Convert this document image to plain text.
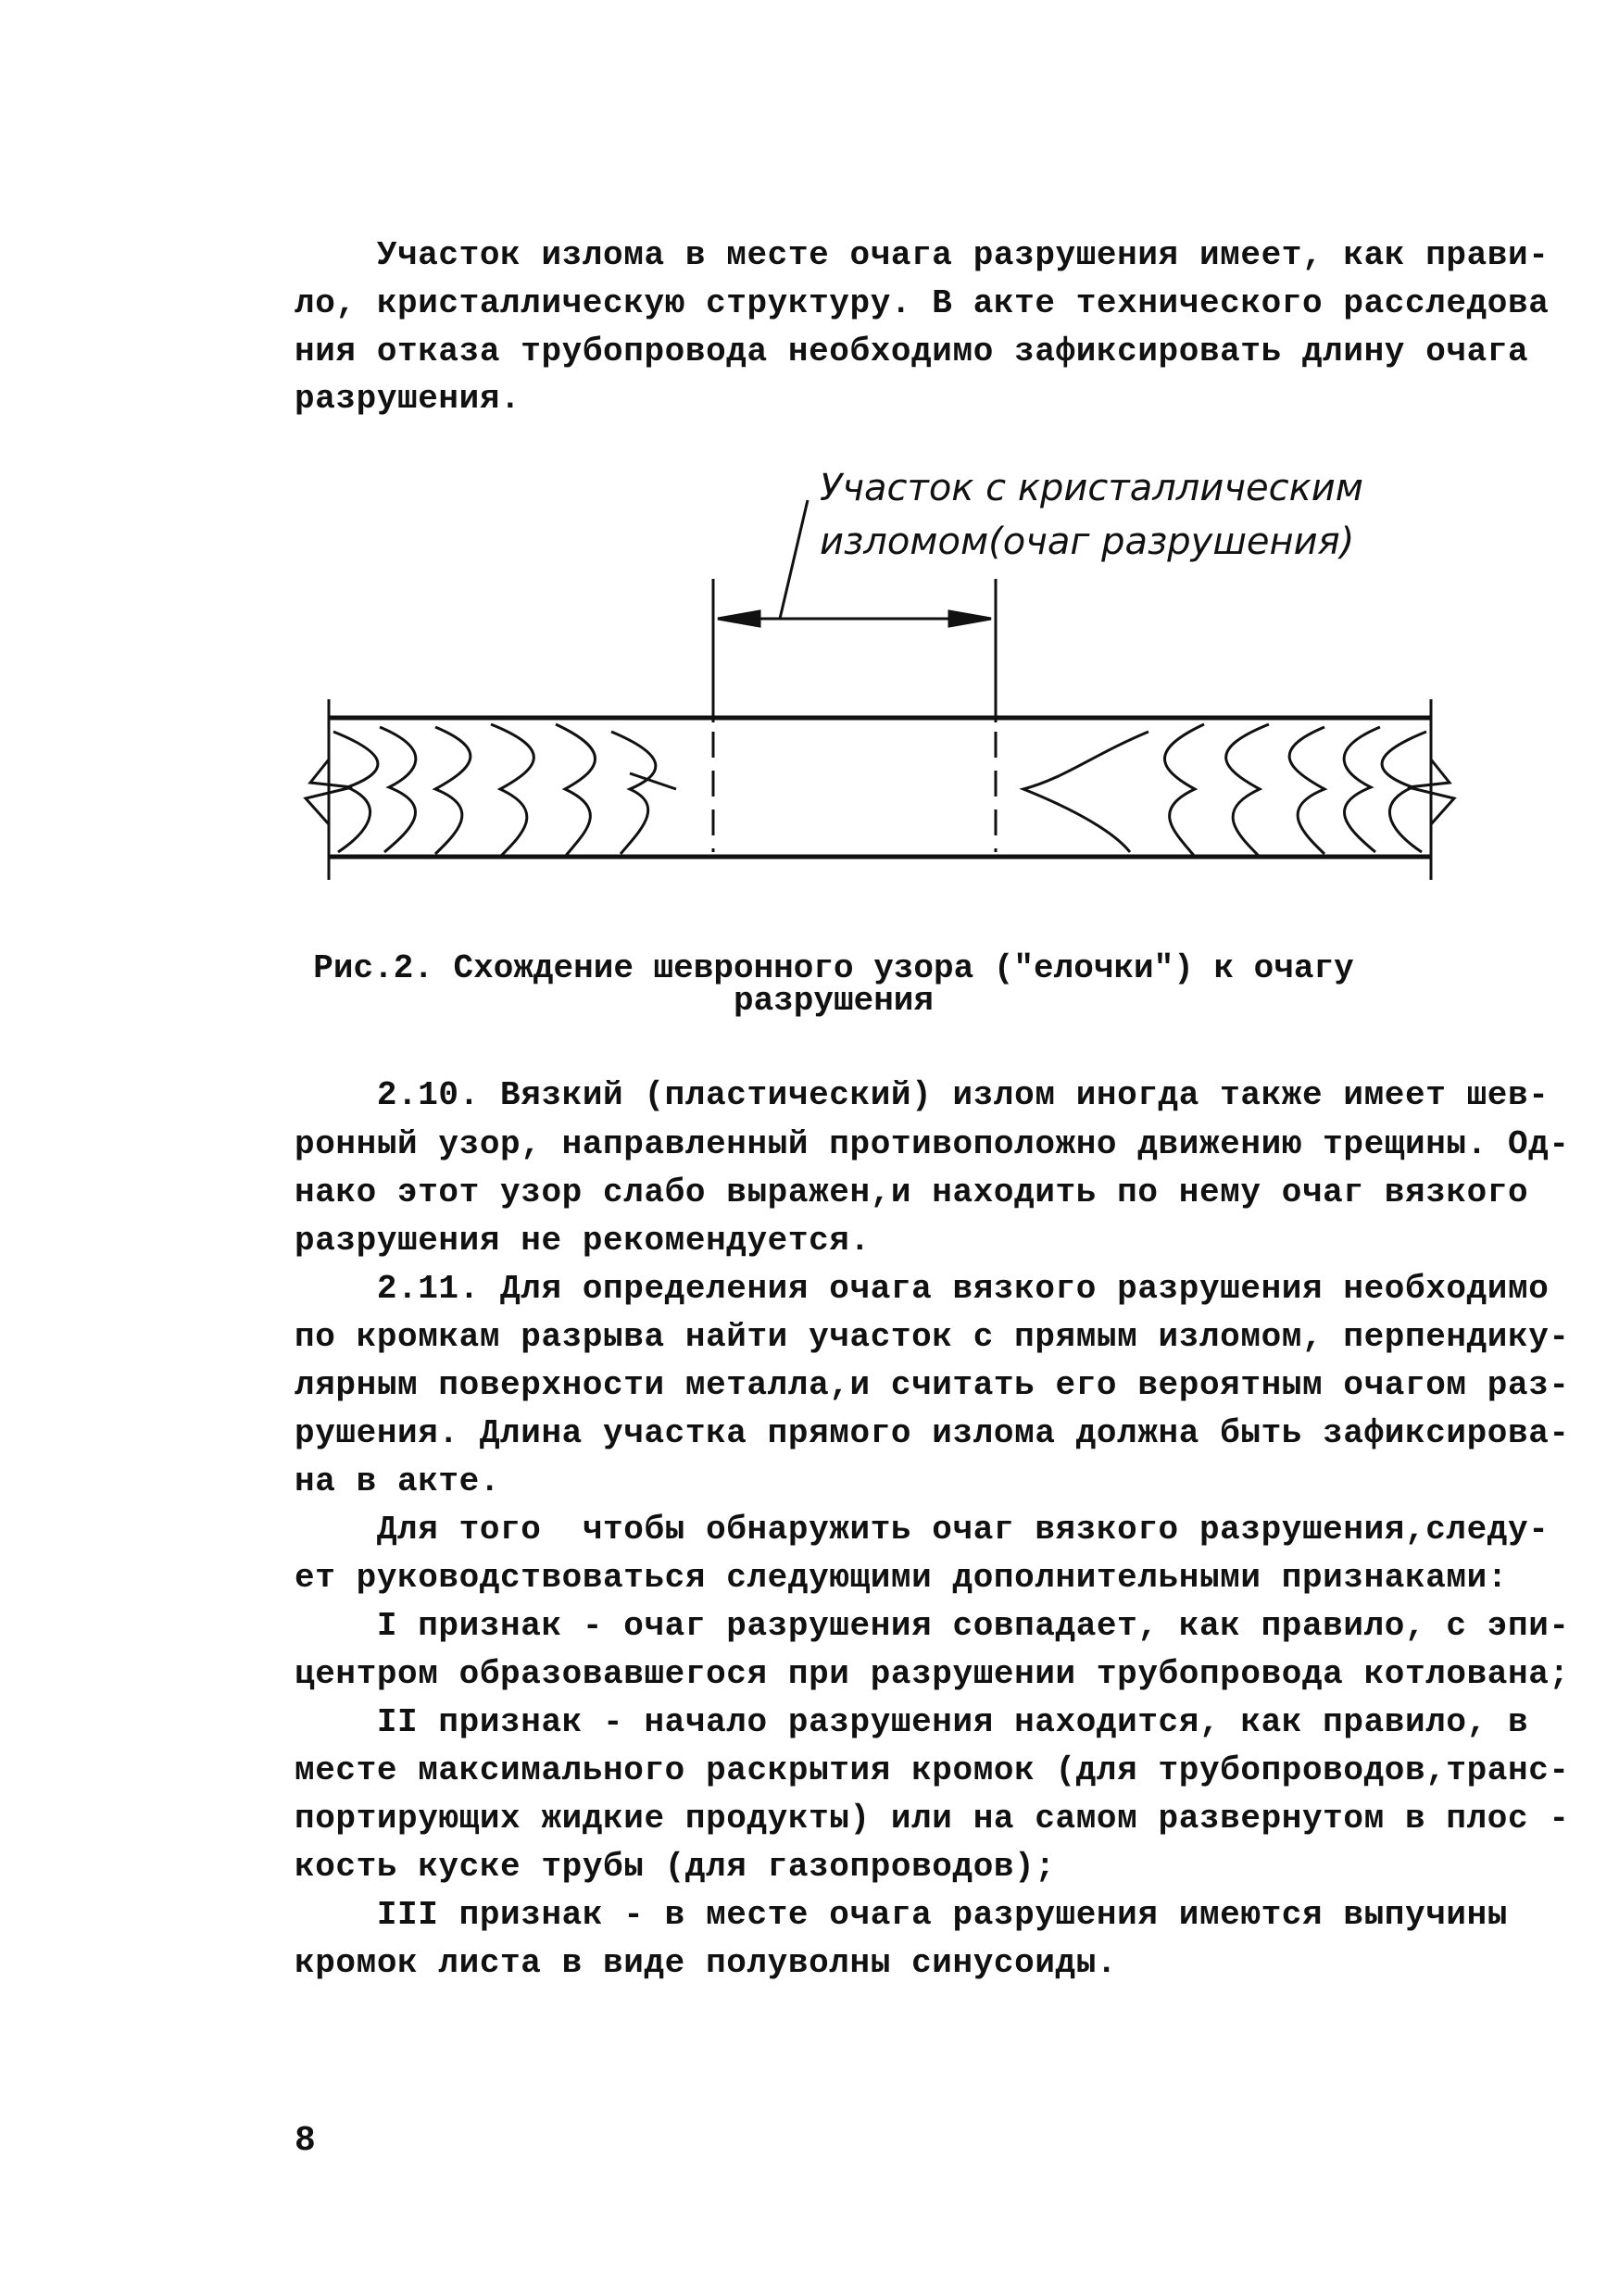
Участок излома в месте очага разрушения имеет, как прави-
ло, кристаллическую структуру. В акте технического расследова
ния отказа трубопровода необходимо зафиксировать длину очага
разрушения.
Участок с кристаллическим
изломом(очаг разрушения)
Рис.2. Схождение шевронного узора ("елочки") к очагу
разрушения
2.10. Вязкий (пластический) излом иногда также имеет шев-
ронный узор, направленный противоположно движению трещины. Од-
нако этот узор слабо выражен,и находить по нему очаг вязкого
разрушения не рекомендуется.
2.11. Для определения очага вязкого разрушения необходимо
по кромкам разрыва найти участок с прямым изломом, перпендику-
лярным поверхности металла,и считать его вероятным очагом раз-
рушения. Длина участка прямого излома должна быть зафиксирова-
на в акте.
Для того  чтобы обнаружить очаг вязкого разрушения,следу-
ет руководствоваться следующими дополнительными признаками:
I признак - очаг разрушения совпадает, как правило, с эпи-
центром образовавшегося при разрушении трубопровода котлована;
II признак - начало разрушения находится, как правило, в
месте максимального раскрытия кромок (для трубопроводов,транс-
портирующих жидкие продукты) или на самом развернутом в плос -
кость куске трубы (для газопроводов);
III признак - в месте очага разрушения имеются выпучины
кромок листа в виде полуволны синусоиды.
8
